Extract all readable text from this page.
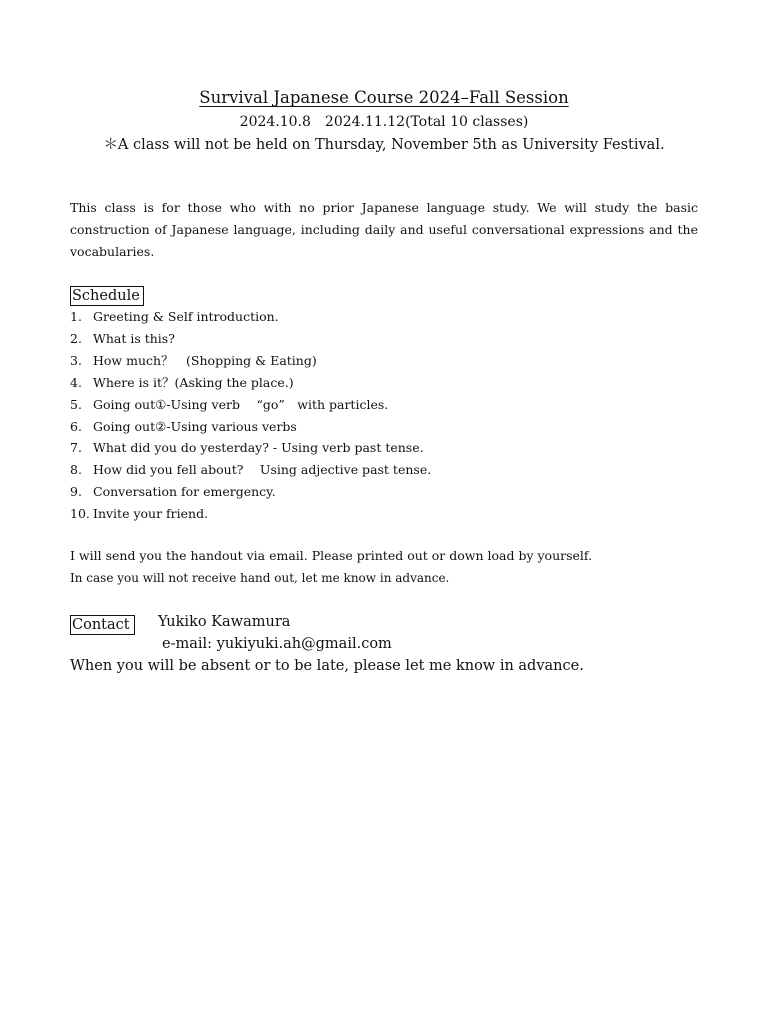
Survival Japanese Course 2024–Fall Session
2024.10.8　2024.11.12(Total 10 classes)
＊A class will not be held on Thursday, November 5th as University Festival.
This class is for those who with no prior Japanese language study. We will study the basic construction of Japanese language, including daily and useful conversational expressions and the vocabularies.
Schedule
1. Greeting & Self introduction.
2. What is this?
3. How much？　(Shopping & Eating)
4. Where is it？(Asking the place.)
5. Going out①-Using verb 　“go”　with particles.
6. Going out②-Using various verbs
7. What did you do yesterday? - Using verb past tense.
8. How did you fell about?　 Using adjective past tense.
9. Conversation for emergency.
10. Invite your friend.
I will send you the handout via email. Please printed out or down load by yourself.
In case you will not receive hand out, let me know in advance.
Contact	Yukiko Kawamura
e-mail: yukiyuki.ah@gmail.com
When you will be absent or to be late, please let me know in advance.
